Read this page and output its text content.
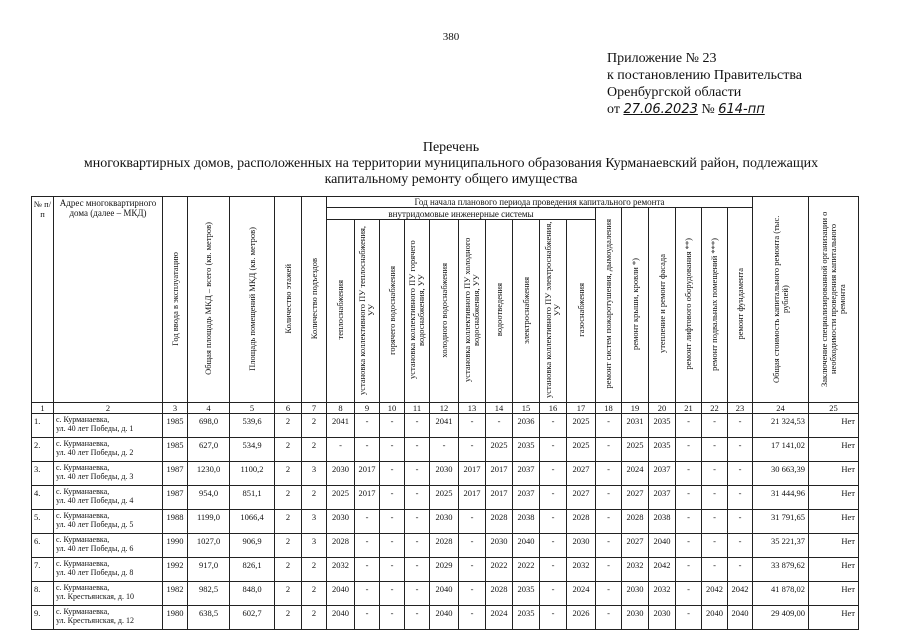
380
Приложение № 23
к постановлению Правительства
Оренбургской области
от 27.06.2023 № 614-пп
Перечень
многоквартирных домов, расположенных на территории муниципального образования Курманаевский район, подлежащих
капитальному ремонту общего имущества
№ п/п	Адрес многоквартирного дома (далее – МКД)	Год ввода в эксплуатацию	Общая площадь МКД – всего (кв. метров)	Площадь помещений МКД (кв. метров)	Количество этажей	Количество подъездов	Год начала планового периода проведения капитального ремонта																Общая стоимость капитального ремонта (тыс. рублей)	Заключение специализированной организации о необходимости проведения капитального ремонта
							внутридомовые инженерные системы										ремонт систем пожаротушения, дымоудаления	ремонт крыши, кровли *)	утепление и ремонт фасада	ремонт лифтового оборудования **)	ремонт подвальных помещений ***)	ремонт фундамента		
							теплоснабжения	установка коллективного ПУ теплоснабжения, УУ	горячего водоснабжения	установка коллективного ПУ горячего водоснабжения, УУ	холодного водоснабжения	установка коллективного ПУ холодного водоснабжения, УУ	водоотведения	электроснабжения	установка коллективного ПУ электроснабжения, УУ	газоснабжения								
1	2	3	4	5	6	7	8	9	10	11	12	13	14	15	16	17	18	19	20	21	22	23	24	25
1.	с. Курманаевка,
ул. 40 лет Победы, д. 1	1985	698,0	539,6	2	2	2041	-	-	-	2041	-	-	2036	-	2025	-	2031	2035	-	-	-	21 324,53	Нет
2.	с. Курманаевка,
ул. 40 лет Победы, д. 2	1985	627,0	534,9	2	2	-	-	-	-	-	-	2025	2035	-	2025	-	2025	2035	-	-	-	17 141,02	Нет
3.	с. Курманаевка,
ул. 40 лет Победы, д. 3	1987	1230,0	1100,2	2	3	2030	2017	-	-	2030	2017	2017	2037	-	2027	-	2024	2037	-	-	-	30 663,39	Нет
4.	с. Курманаевка,
ул. 40 лет Победы, д. 4	1987	954,0	851,1	2	2	2025	2017	-	-	2025	2017	2017	2037	-	2027	-	2027	2037	-	-	-	31 444,96	Нет
5.	с. Курманаевка,
ул. 40 лет Победы, д. 5	1988	1199,0	1066,4	2	3	2030	-	-	-	2030	-	2028	2038	-	2028	-	2028	2038	-	-	-	31 791,65	Нет
6.	с. Курманаевка,
ул. 40 лет Победы, д. 6	1990	1027,0	906,9	2	3	2028	-	-	-	2028	-	2030	2040	-	2030	-	2027	2040	-	-	-	35 221,37	Нет
7.	с. Курманаевка,
ул. 40 лет Победы, д. 8	1992	917,0	826,1	2	2	2032	-	-	-	2029	-	2022	2022	-	2032	-	2032	2042	-	-	-	33 879,62	Нет
8.	с. Курманаевка,
ул. Крестьянская, д. 10	1982	982,5	848,0	2	2	2040	-	-	-	2040	-	2028	2035	-	2024	-	2030	2032	-	2042	2042	41 878,02	Нет
9.	с. Курманаевка,
ул. Крестьянская, д. 12	1980	638,5	602,7	2	2	2040	-	-	-	2040	-	2024	2035	-	2026	-	2030	2030	-	2040	2040	29 409,00	Нет
